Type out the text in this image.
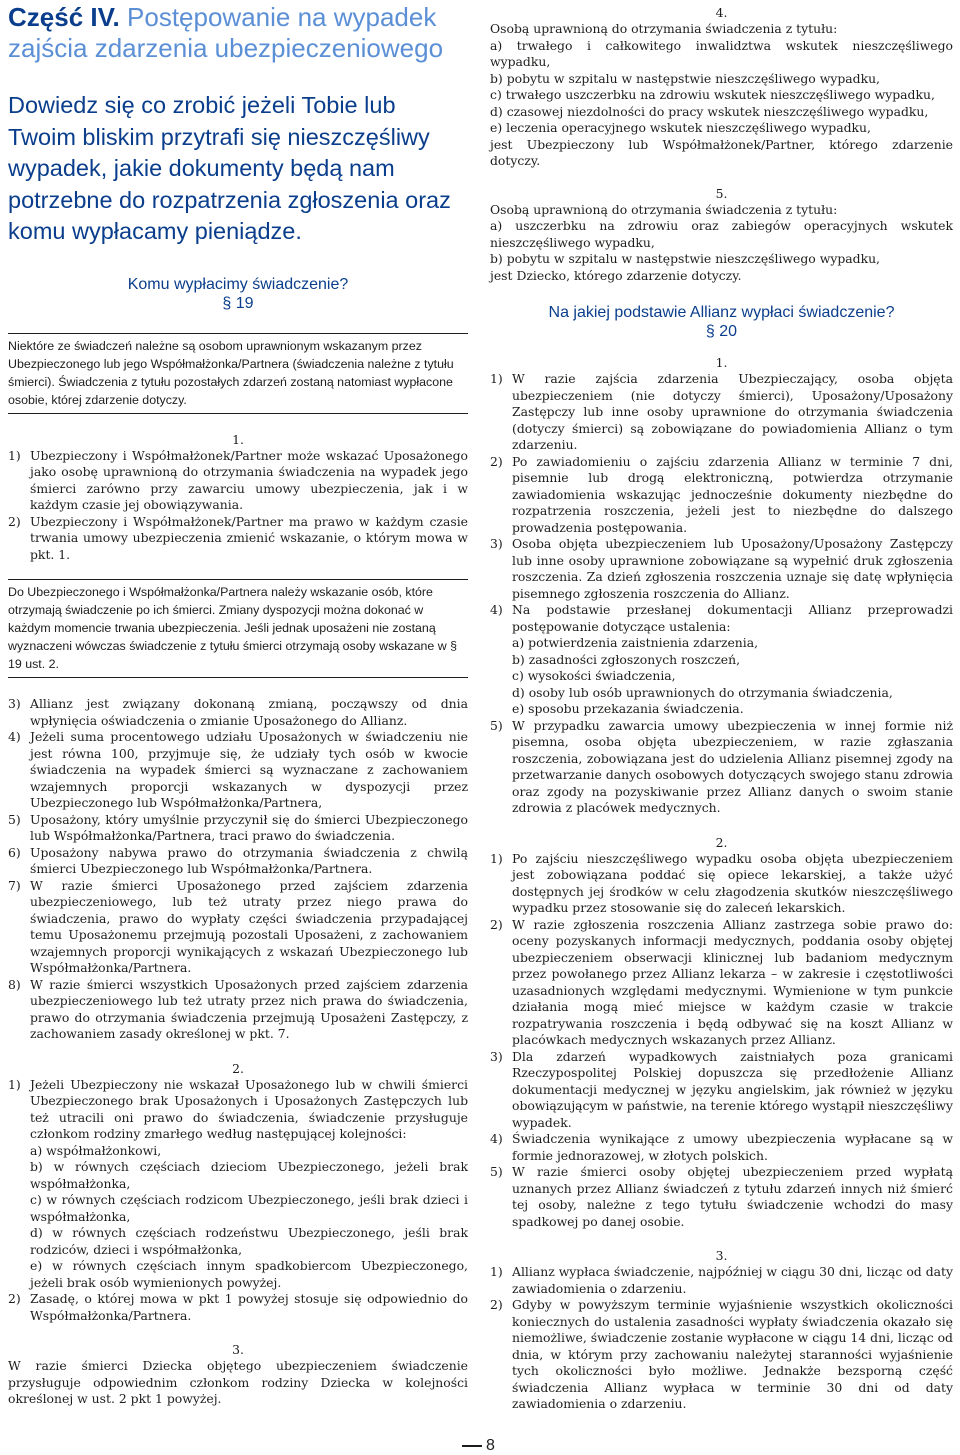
Część IV. Postępowanie na wypadek zajścia zdarzenia ubezpieczeniowego

Dowiedz się co zrobić jeżeli Tobie lub Twoim bliskim przytrafi się nieszczęśliwy wypadek, jakie dokumenty będą nam potrzebne do rozpatrzenia zgłoszenia oraz komu wypłacamy pieniądze.

Komu wypłacimy świadczenie?

§ 19

Niektóre ze świadczeń należne są osobom uprawnionym wskazanym przez Ubezpieczonego lub jego Współmałżonka/Partnera (świadczenia należne z tytułu śmierci). Świadczenia z tytułu pozostałych zdarzeń zostaną natomiast wypłacone osobie, której zdarzenie dotyczy.

1.

1) Ubezpieczony i Współmałżonek/Partner może wskazać Uposażonego jako osobę uprawnioną do otrzymania świadczenia na wypadek jego śmierci zarówno przy zawarciu umowy ubezpieczenia, jak i w każdym czasie jej obowiązywania.
2) Ubezpieczony i Współmałżonek/Partner ma prawo w każdym czasie trwania umowy ubezpieczenia zmienić wskazanie, o którym mowa w pkt. 1.

Do Ubezpieczonego i Współmałżonka/Partnera należy wskazanie osób, które otrzymają świadczenie po ich śmierci. Zmiany dyspozycji można dokonać w każdym momencie trwania ubezpieczenia. Jeśli jednak uposażeni nie zostaną wyznaczeni wówczas świadczenie z tytułu śmierci otrzymają osoby wskazane w § 19 ust. 2.

3) Allianz jest związany dokonaną zmianą, począwszy od dnia wpłynięcia oświadczenia o zmianie Uposażonego do Allianz.
4) Jeżeli suma procentowego udziału Uposażonych w świadczeniu nie jest równa 100, przyjmuje się, że udziały tych osób w kwocie świadczenia na wypadek śmierci są wyznaczane z zachowaniem wzajemnych proporcji wskazanych w dyspozycji przez Ubezpieczonego lub Współmałżonka/Partnera,
5) Uposażony, który umyślnie przyczynił się do śmierci Ubezpieczonego lub Współmałżonka/Partnera, traci prawo do świadczenia.
6) Uposażony nabywa prawo do otrzymania świadczenia z chwilą śmierci Ubezpieczonego lub Współmałżonka/Partnera.
7) W razie śmierci Uposażonego przed zajściem zdarzenia ubezpieczeniowego, lub też utraty przez niego prawa do świadczenia, prawo do wypłaty części świadczenia przypadającej temu Uposażonemu przejmują pozostali Uposażeni, z zachowaniem wzajemnych proporcji wynikających z wskazań Ubezpieczonego lub Współmałżonka/Partnera.
8) W razie śmierci wszystkich Uposażonych przed zajściem zdarzenia ubezpieczeniowego lub też utraty przez nich prawa do świadczenia, prawo do otrzymania świadczenia przejmują Uposażeni Zastępczy, z zachowaniem zasady określonej w pkt. 7.

2.

1) Jeżeli Ubezpieczony nie wskazał Uposażonego lub w chwili śmierci Ubezpieczonego brak Uposażonych i Uposażonych Zastępczych lub też utracili oni prawo do świadczenia, świadczenie przysługuje członkom rodziny zmarłego według następującej kolejności:
a) współmałżonkowi,
b) w równych częściach dzieciom Ubezpieczonego, jeżeli brak współmałżonka,
c) w równych częściach rodzicom Ubezpieczonego, jeśli brak dzieci i współmałżonka,
d) w równych częściach rodzeństwu Ubezpieczonego, jeśli brak rodziców, dzieci i współmałżonka,
e) w równych częściach innym spadkobiercom Ubezpieczonego, jeżeli brak osób wymienionych powyżej.
2) Zasadę, o której mowa w pkt 1 powyżej stosuje się odpowiednio do Współmałżonka/Partnera.

3.

W razie śmierci Dziecka objętego ubezpieczeniem świadczenie przysługuje odpowiednim członkom rodziny Dziecka w kolejności określonej w ust. 2 pkt 1 powyżej.

4.

Osobą uprawnioną do otrzymania świadczenia z tytułu:

a) trwałego i całkowitego inwalidztwa wskutek nieszczęśliwego wypadku,

b) pobytu w szpitalu w następstwie nieszczęśliwego wypadku,

c) trwałego uszczerbku na zdrowiu wskutek nieszczęśliwego wypadku,

d) czasowej niezdolności do pracy wskutek nieszczęśliwego wypadku,

e) leczenia operacyjnego wskutek nieszczęśliwego wypadku,

jest Ubezpieczony lub Współmałżonek/Partner, którego zdarzenie dotyczy.

5.

Osobą uprawnioną do otrzymania świadczenia z tytułu:

a) uszczerbku na zdrowiu oraz zabiegów operacyjnych wskutek nieszczęśliwego wypadku,

b) pobytu w szpitalu w następstwie nieszczęśliwego wypadku,

jest Dziecko, którego zdarzenie dotyczy.

Na jakiej podstawie Allianz wypłaci świadczenie?

§ 20

1.

1) W razie zajścia zdarzenia Ubezpieczający, osoba objęta ubezpieczeniem (nie dotyczy śmierci), Uposażony/Uposażony Zastępczy lub inne osoby uprawnione do otrzymania świadczenia (dotyczy śmierci) są zobowiązane do powiadomienia Allianz o tym zdarzeniu.
2) Po zawiadomieniu o zajściu zdarzenia Allianz w terminie 7 dni, pisemnie lub drogą elektroniczną, potwierdza otrzymanie zawiadomienia wskazując jednocześnie dokumenty niezbędne do rozpatrzenia roszczenia, jeżeli jest to niezbędne do dalszego prowadzenia postępowania.
3) Osoba objęta ubezpieczeniem lub Uposażony/Uposażony Zastępczy lub inne osoby uprawnione zobowiązane są wypełnić druk zgłoszenia roszczenia. Za dzień zgłoszenia roszczenia uznaje się datę wpłynięcia pisemnego zgłoszenia roszczenia do Allianz.
4) Na podstawie przesłanej dokumentacji Allianz przeprowadzi postępowanie dotyczące ustalenia:
a) potwierdzenia zaistnienia zdarzenia,
b) zasadności zgłoszonych roszczeń,
c) wysokości świadczenia,
d) osoby lub osób uprawnionych do otrzymania świadczenia,
e) sposobu przekazania świadczenia.
5) W przypadku zawarcia umowy ubezpieczenia w innej formie niż pisemna, osoba objęta ubezpieczeniem, w razie zgłaszania roszczenia, zobowiązana jest do udzielenia Allianz pisemnej zgody na przetwarzanie danych osobowych dotyczących swojego stanu zdrowia oraz zgody na pozyskiwanie przez Allianz danych o swoim stanie zdrowia z placówek medycznych.

2.

1) Po zajściu nieszczęśliwego wypadku osoba objęta ubezpieczeniem jest zobowiązana poddać się opiece lekarskiej, a także użyć dostępnych jej środków w celu złagodzenia skutków nieszczęśliwego wypadku przez stosowanie się do zaleceń lekarskich.
2) W razie zgłoszenia roszczenia Allianz zastrzega sobie prawo do: oceny pozyskanych informacji medycznych, poddania osoby objętej ubezpieczeniem obserwacji klinicznej lub badaniom medycznym przez powołanego przez Allianz lekarza – w zakresie i częstotliwości uzasadnionych względami medycznymi. Wymienione w tym punkcie działania mogą mieć miejsce w każdym czasie w trakcie rozpatrywania roszczenia i będą odbywać się na koszt Allianz w placówkach medycznych wskazanych przez Allianz.
3) Dla zdarzeń wypadkowych zaistniałych poza granicami Rzeczypospolitej Polskiej dopuszcza się przedłożenie Allianz dokumentacji medycznej w języku angielskim, jak również w języku obowiązującym w państwie, na terenie którego wystąpił nieszczęśliwy wypadek.
4) Świadczenia wynikające z umowy ubezpieczenia wypłacane są w formie jednorazowej, w złotych polskich.
5) W razie śmierci osoby objętej ubezpieczeniem przed wypłatą uznanych przez Allianz świadczeń z tytułu zdarzeń innych niż śmierć tej osoby, należne z tego tytułu świadczenie wchodzi do masy spadkowej po danej osobie.

3.

1) Allianz wypłaca świadczenie, najpóźniej w ciągu 30 dni, licząc od daty zawiadomienia o zdarzeniu.
2) Gdyby w powyższym terminie wyjaśnienie wszystkich okoliczności koniecznych do ustalenia zasadności wypłaty świadczenia okazało się niemożliwe, świadczenie zostanie wypłacone w ciągu 14 dni, licząc od dnia, w którym przy zachowaniu należytej staranności wyjaśnienie tych okoliczności było możliwe. Jednakże bezsporną część świadczenia Allianz wypłaca w terminie 30 dni od daty zawiadomienia o zdarzeniu.
8
